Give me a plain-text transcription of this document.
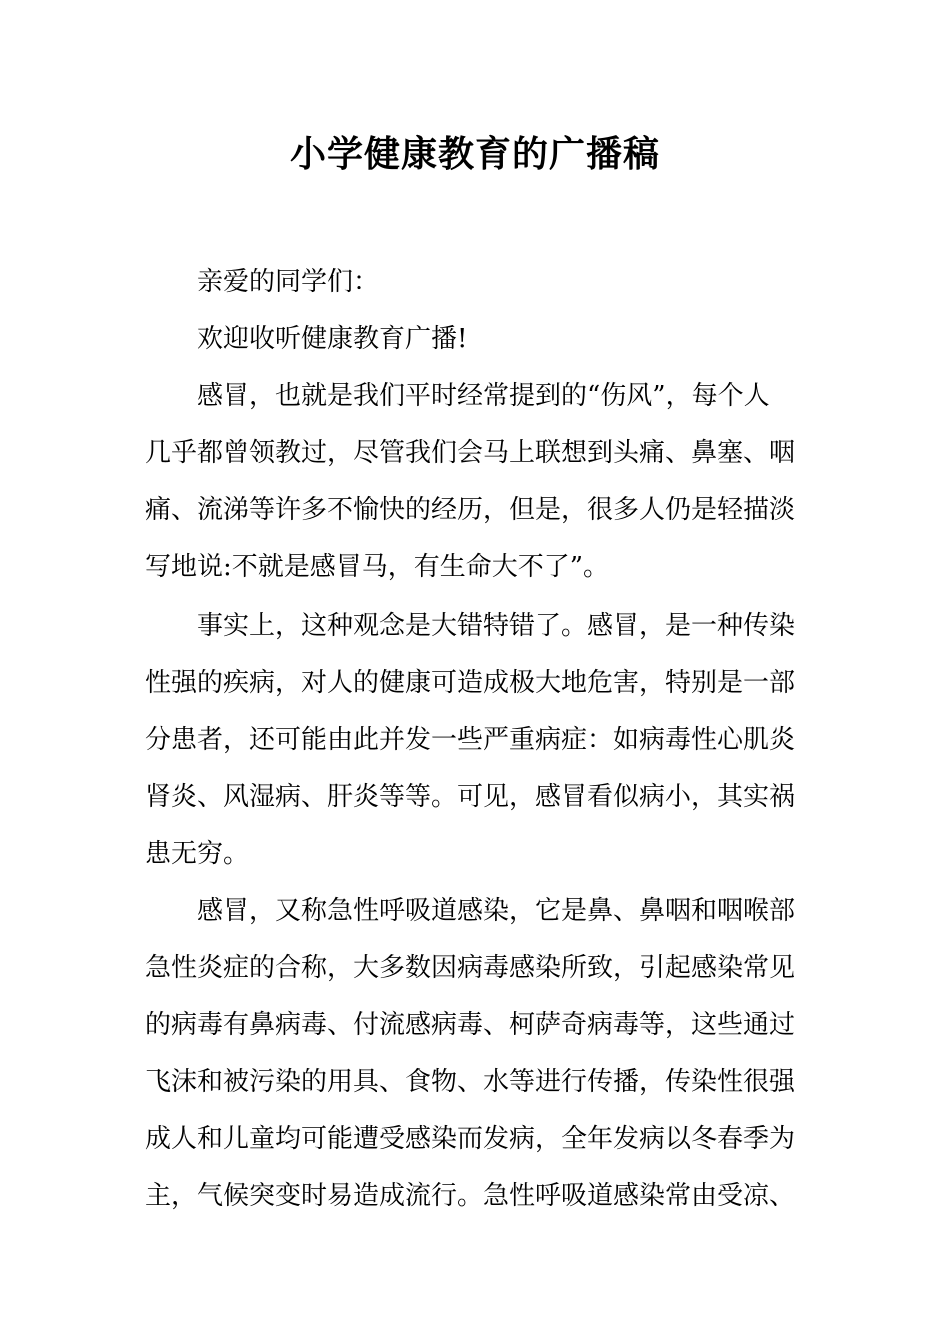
小学健康教育的广播稿
亲爱的同学们：
欢迎收听健康教育广播!
感冒，也就是我们平时经常提到的“伤风”，每个人
几乎都曾领教过，尽管我们会马上联想到头痛、鼻塞、咽
痛、流涕等许多不愉快的经历，但是，很多人仍是轻描淡
写地说:不就是感冒马，有生命大不了”。
事实上，这种观念是大错特错了。感冒，是一种传染
性强的疾病，对人的健康可造成极大地危害，特别是一部
分患者，还可能由此并发一些严重病症：如病毒性心肌炎
肾炎、风湿病、肝炎等等。可见，感冒看似病小，其实祸
患无穷。
感冒，又称急性呼吸道感染，它是鼻、鼻咽和咽喉部
急性炎症的合称，大多数因病毒感染所致，引起感染常见
的病毒有鼻病毒、付流感病毒、柯萨奇病毒等，这些通过
飞沫和被污染的用具、食物、水等进行传播，传染性很强
成人和儿童均可能遭受感染而发病，全年发病以冬春季为
主，气候突变时易造成流行。急性呼吸道感染常由受凉、
